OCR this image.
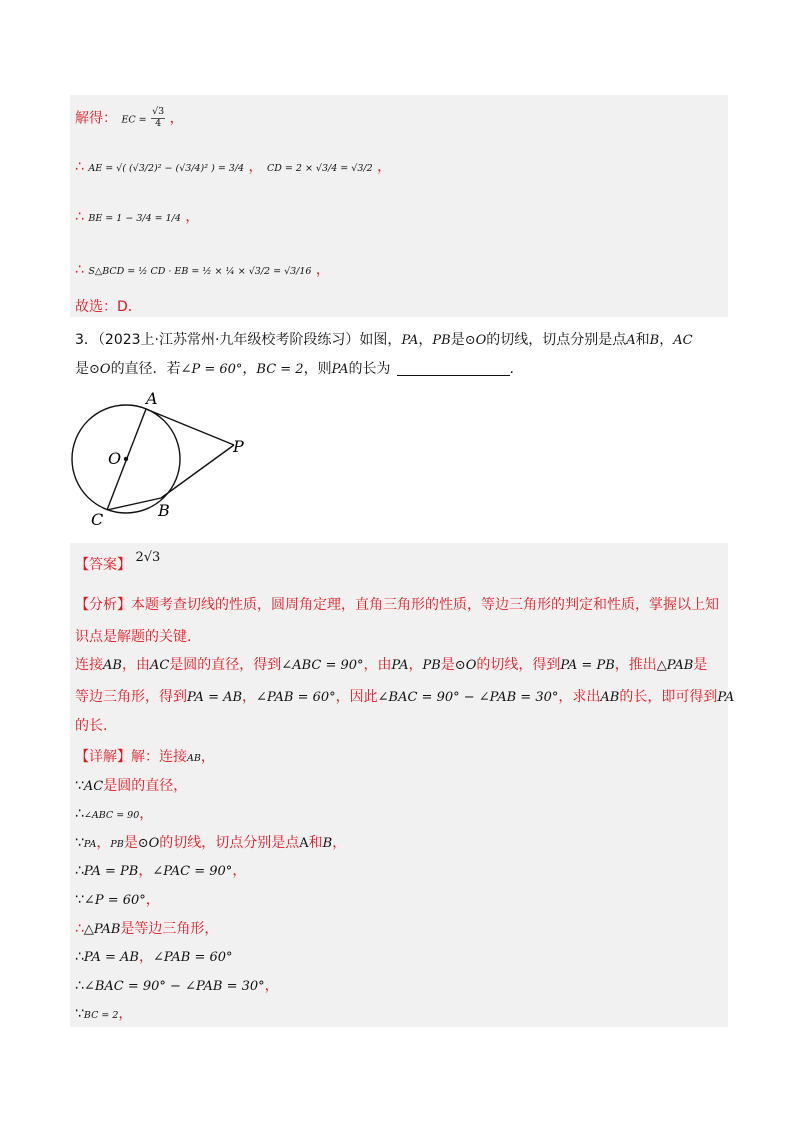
解得： EC = $\frac{√3}{4}$ ，
∴ AE = √( (√3/2)² − (√3/4)² ) = 3/4 ， CD = 2 × √3/4 = √3/2 ，
∴ BE = 1 − 3/4 = 1/4 ，
∴ S△BCD = ½ CD · EB = ½ × ¼ × √3/2 = √3/16 ，
故选：D．
3．（2023上·江苏常州·九年级校考阶段练习）如图，PA，PB是⊙O的切线，切点分别是点A和B，AC
是⊙O的直径．若∠P = 60°，BC = 2，则PA的长为	.
A
O
P
B
C
【答案】 2√3
【分析】本题考查切线的性质，圆周角定理，直角三角形的性质，等边三角形的判定和性质，掌握以上知
识点是解题的关键.
连接AB，由AC是圆的直径，得到∠ABC = 90°，由PA，PB是⊙O的切线，得到PA = PB，推出△PAB是
等边三角形，得到PA = AB，∠PAB = 60°，因此∠BAC = 90° − ∠PAB = 30°，求出AB的长，即可得到PA
的长.
【详解】解：连接AB，
∵AC是圆的直径，
∴∠ABC = 90，
∵PA，PB是⊙O的切线，切点分别是点A和B，
∴PA = PB，∠PAC = 90°，
∵∠P = 60°，
∴△PAB是等边三角形，
∴PA = AB，∠PAB = 60°
∴∠BAC = 90° − ∠PAB = 30°，
∵BC = 2，
